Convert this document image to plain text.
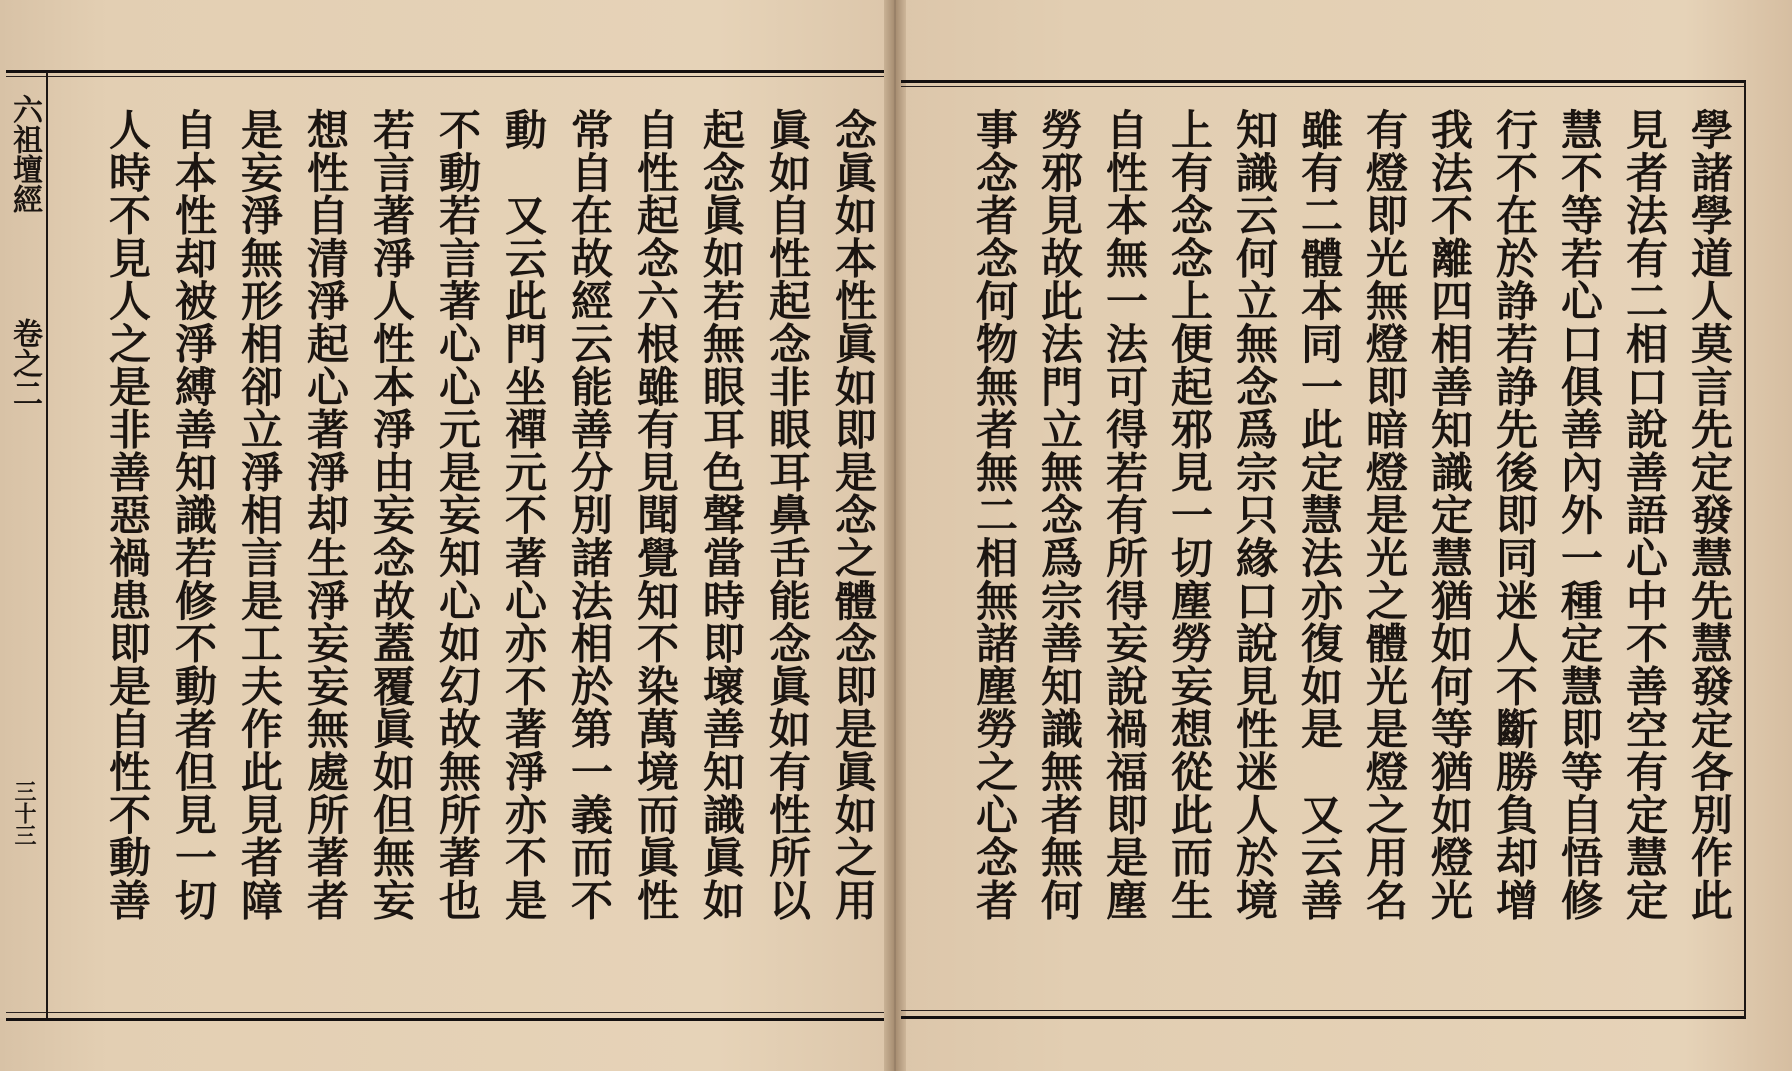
六祖壇經
卷之二
三十三	念眞如本性眞如即是念之體念即是眞如之用
眞如自性起念非眼耳鼻舌能念眞如有性所以
起念眞如若無眼耳色聲當時即壞善知識眞如
自性起念六根雖有見聞覺知不染萬境而眞性
常自在故經云能善分別諸法相於第一義而不
動　又云此門坐禪元不著心亦不著淨亦不是
不動若言著心心元是妄知心如幻故無所著也
若言著淨人性本淨由妄念故蓋覆眞如但無妄
想性自清淨起心著淨却生淨妄妄無處所著者
是妄淨無形相卻立淨相言是工夫作此見者障
自本性却被淨縛善知識若修不動者但見一切
人時不見人之是非善惡禍患即是自性不動善	學諸學道人莫言先定發慧先慧發定各別作此
見者法有二相口說善語心中不善空有定慧定
慧不等若心口俱善內外一種定慧即等自悟修
行不在於諍若諍先後即同迷人不斷勝負却增
我法不離四相善知識定慧猶如何等猶如燈光
有燈即光無燈即暗燈是光之體光是燈之用名
雖有二體本同一此定慧法亦復如是　又云善
知識云何立無念爲宗只緣口說見性迷人於境
上有念念上便起邪見一切塵勞妄想從此而生
自性本無一法可得若有所得妄說禍福即是塵
勞邪見故此法門立無念爲宗善知識無者無何
事念者念何物無者無二相無諸塵勞之心念者
